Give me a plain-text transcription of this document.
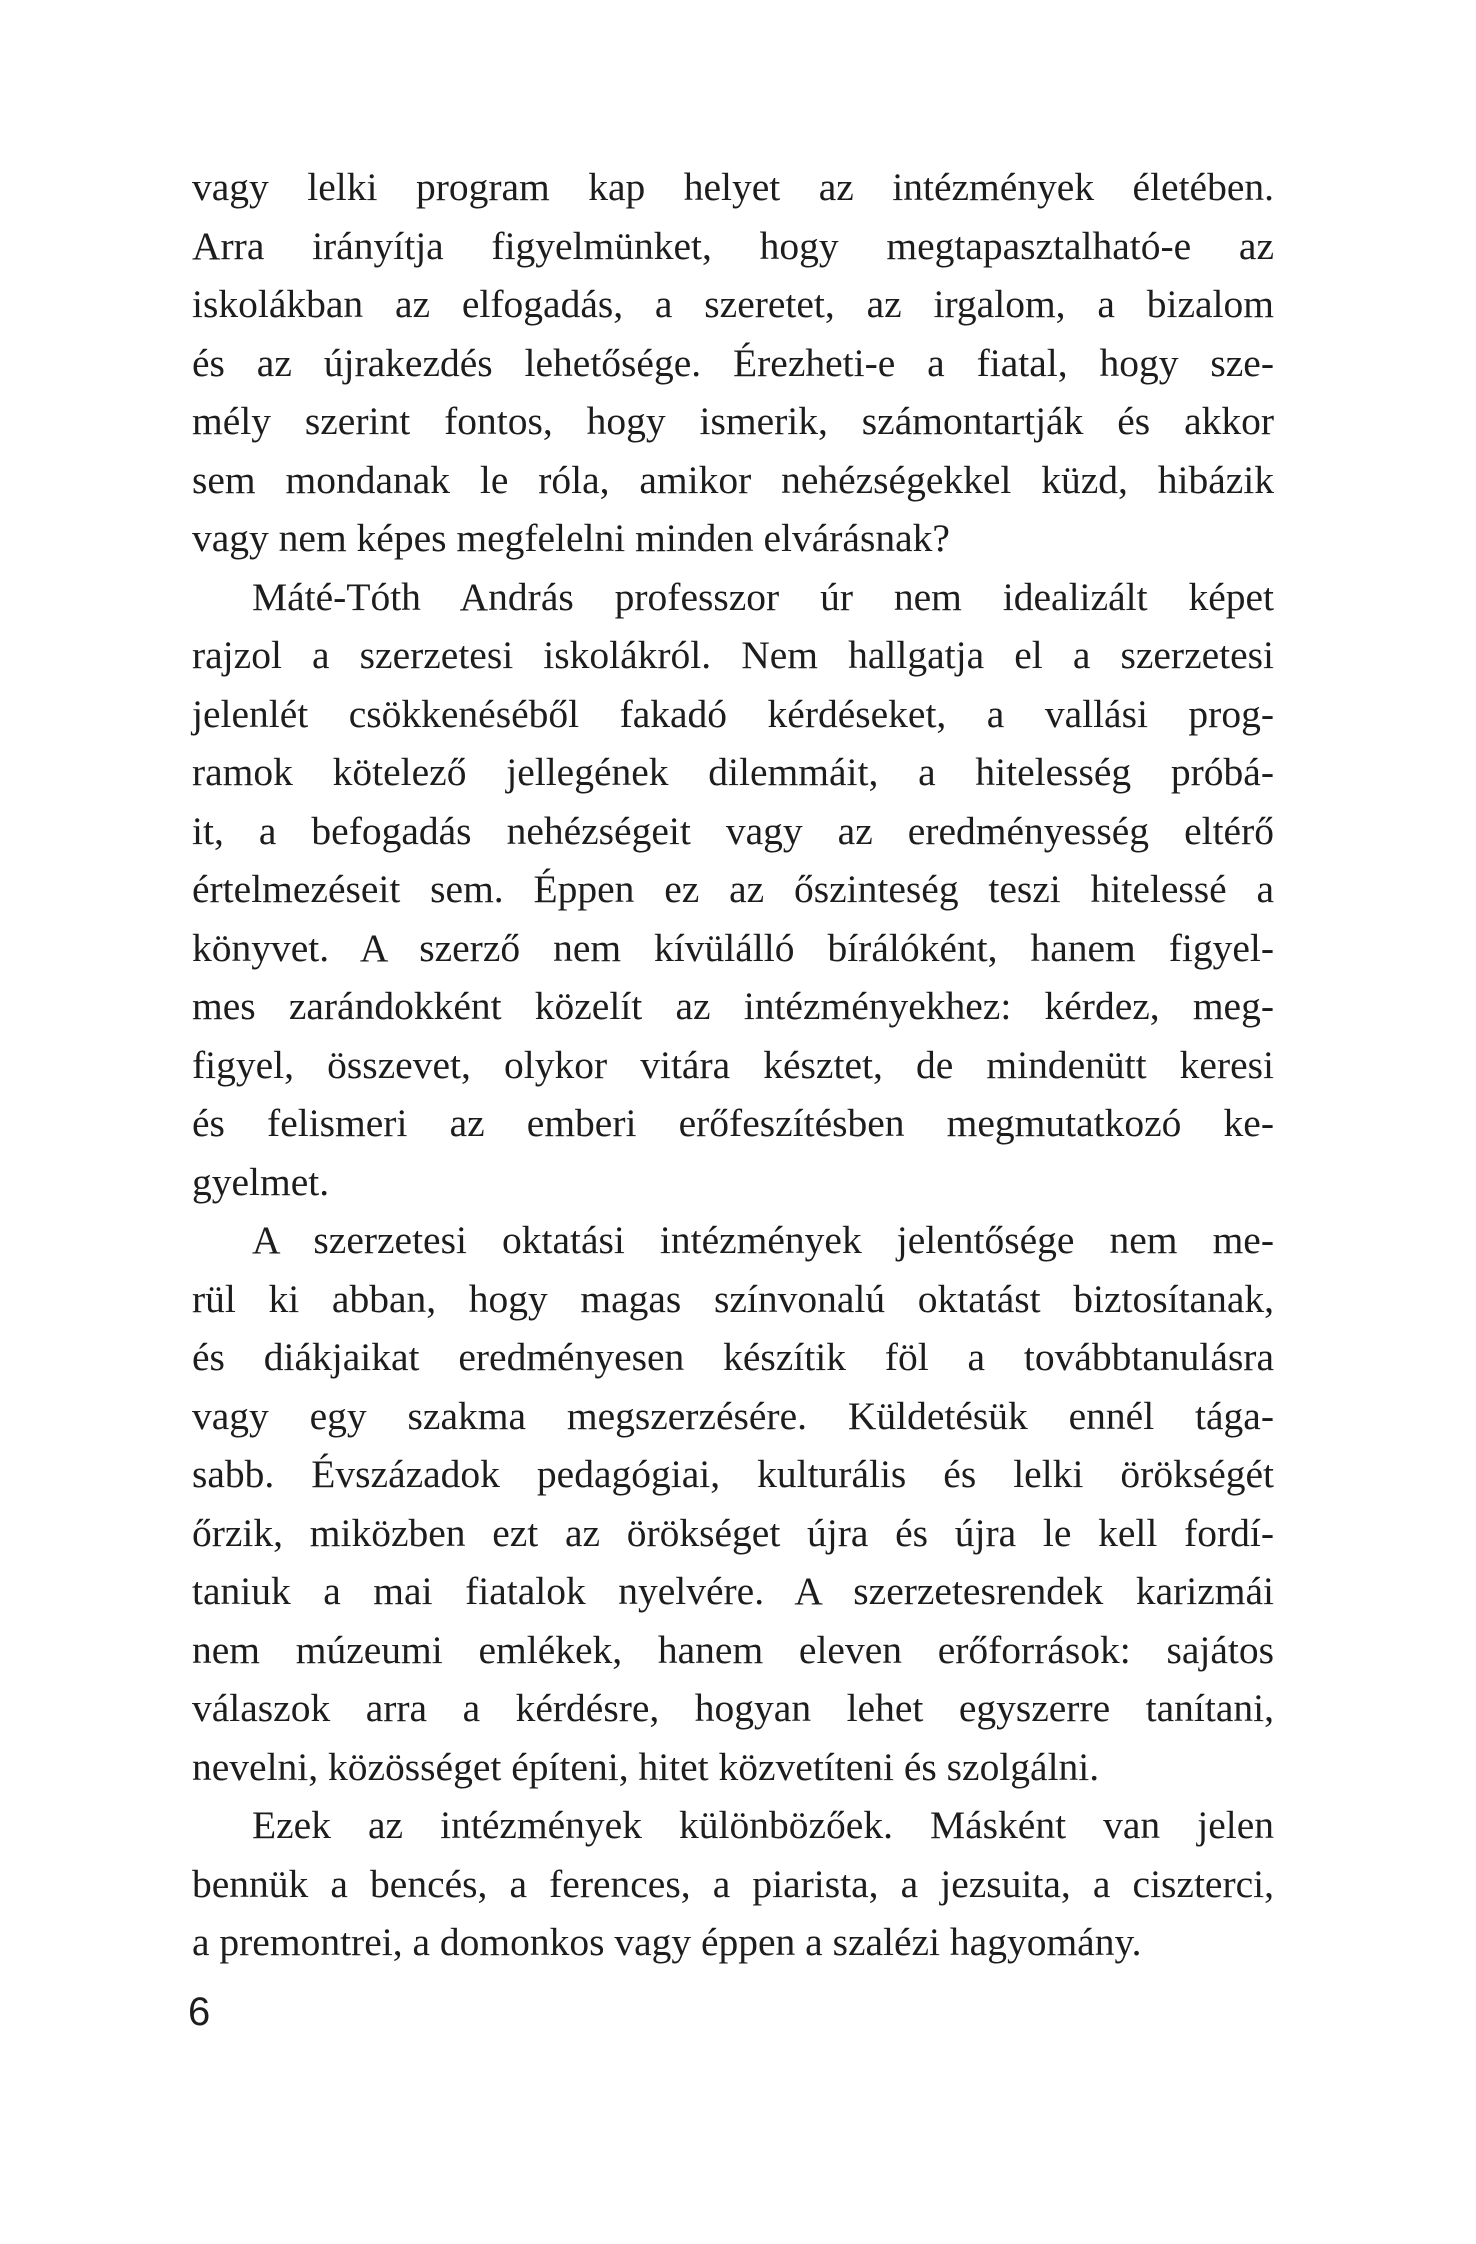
vagy lelki program kap helyet az intézmények életében.
Arra irányítja figyelmünket, hogy megtapasztalható-e az
iskolákban az elfogadás, a szeretet, az irgalom, a bizalom
és az újrakezdés lehetősége. Érezheti-e a fiatal, hogy sze-
mély szerint fontos, hogy ismerik, számontartják és akkor
sem mondanak le róla, amikor nehézségekkel küzd, hibázik
vagy nem képes megfelelni minden elvárásnak?
Máté-Tóth András professzor úr nem idealizált képet
rajzol a szerzetesi iskolákról. Nem hallgatja el a szerzetesi
jelenlét csökkenéséből fakadó kérdéseket, a vallási prog-
ramok kötelező jellegének dilemmáit, a hitelesség próbá-
it, a befogadás nehézségeit vagy az eredményesség eltérő
értelmezéseit sem. Éppen ez az őszinteség teszi hitelessé a
könyvet. A szerző nem kívülálló bírálóként, hanem figyel-
mes zarándokként közelít az intézményekhez: kérdez, meg-
figyel, összevet, olykor vitára késztet, de mindenütt keresi
és felismeri az emberi erőfeszítésben megmutatkozó ke-
gyelmet.
A szerzetesi oktatási intézmények jelentősége nem me-
rül ki abban, hogy magas színvonalú oktatást biztosítanak,
és diákjaikat eredményesen készítik föl a továbbtanulásra
vagy egy szakma megszerzésére. Küldetésük ennél tága-
sabb. Évszázadok pedagógiai, kulturális és lelki örökségét
őrzik, miközben ezt az örökséget újra és újra le kell fordí-
taniuk a mai fiatalok nyelvére. A szerzetesrendek karizmái
nem múzeumi emlékek, hanem eleven erőforrások: sajátos
válaszok arra a kérdésre, hogyan lehet egyszerre tanítani,
nevelni, közösséget építeni, hitet közvetíteni és szolgálni.
Ezek az intézmények különbözőek. Másként van jelen
bennük a bencés, a ferences, a piarista, a jezsuita, a ciszterci,
a premontrei, a domonkos vagy éppen a szalézi hagyomány.
6
